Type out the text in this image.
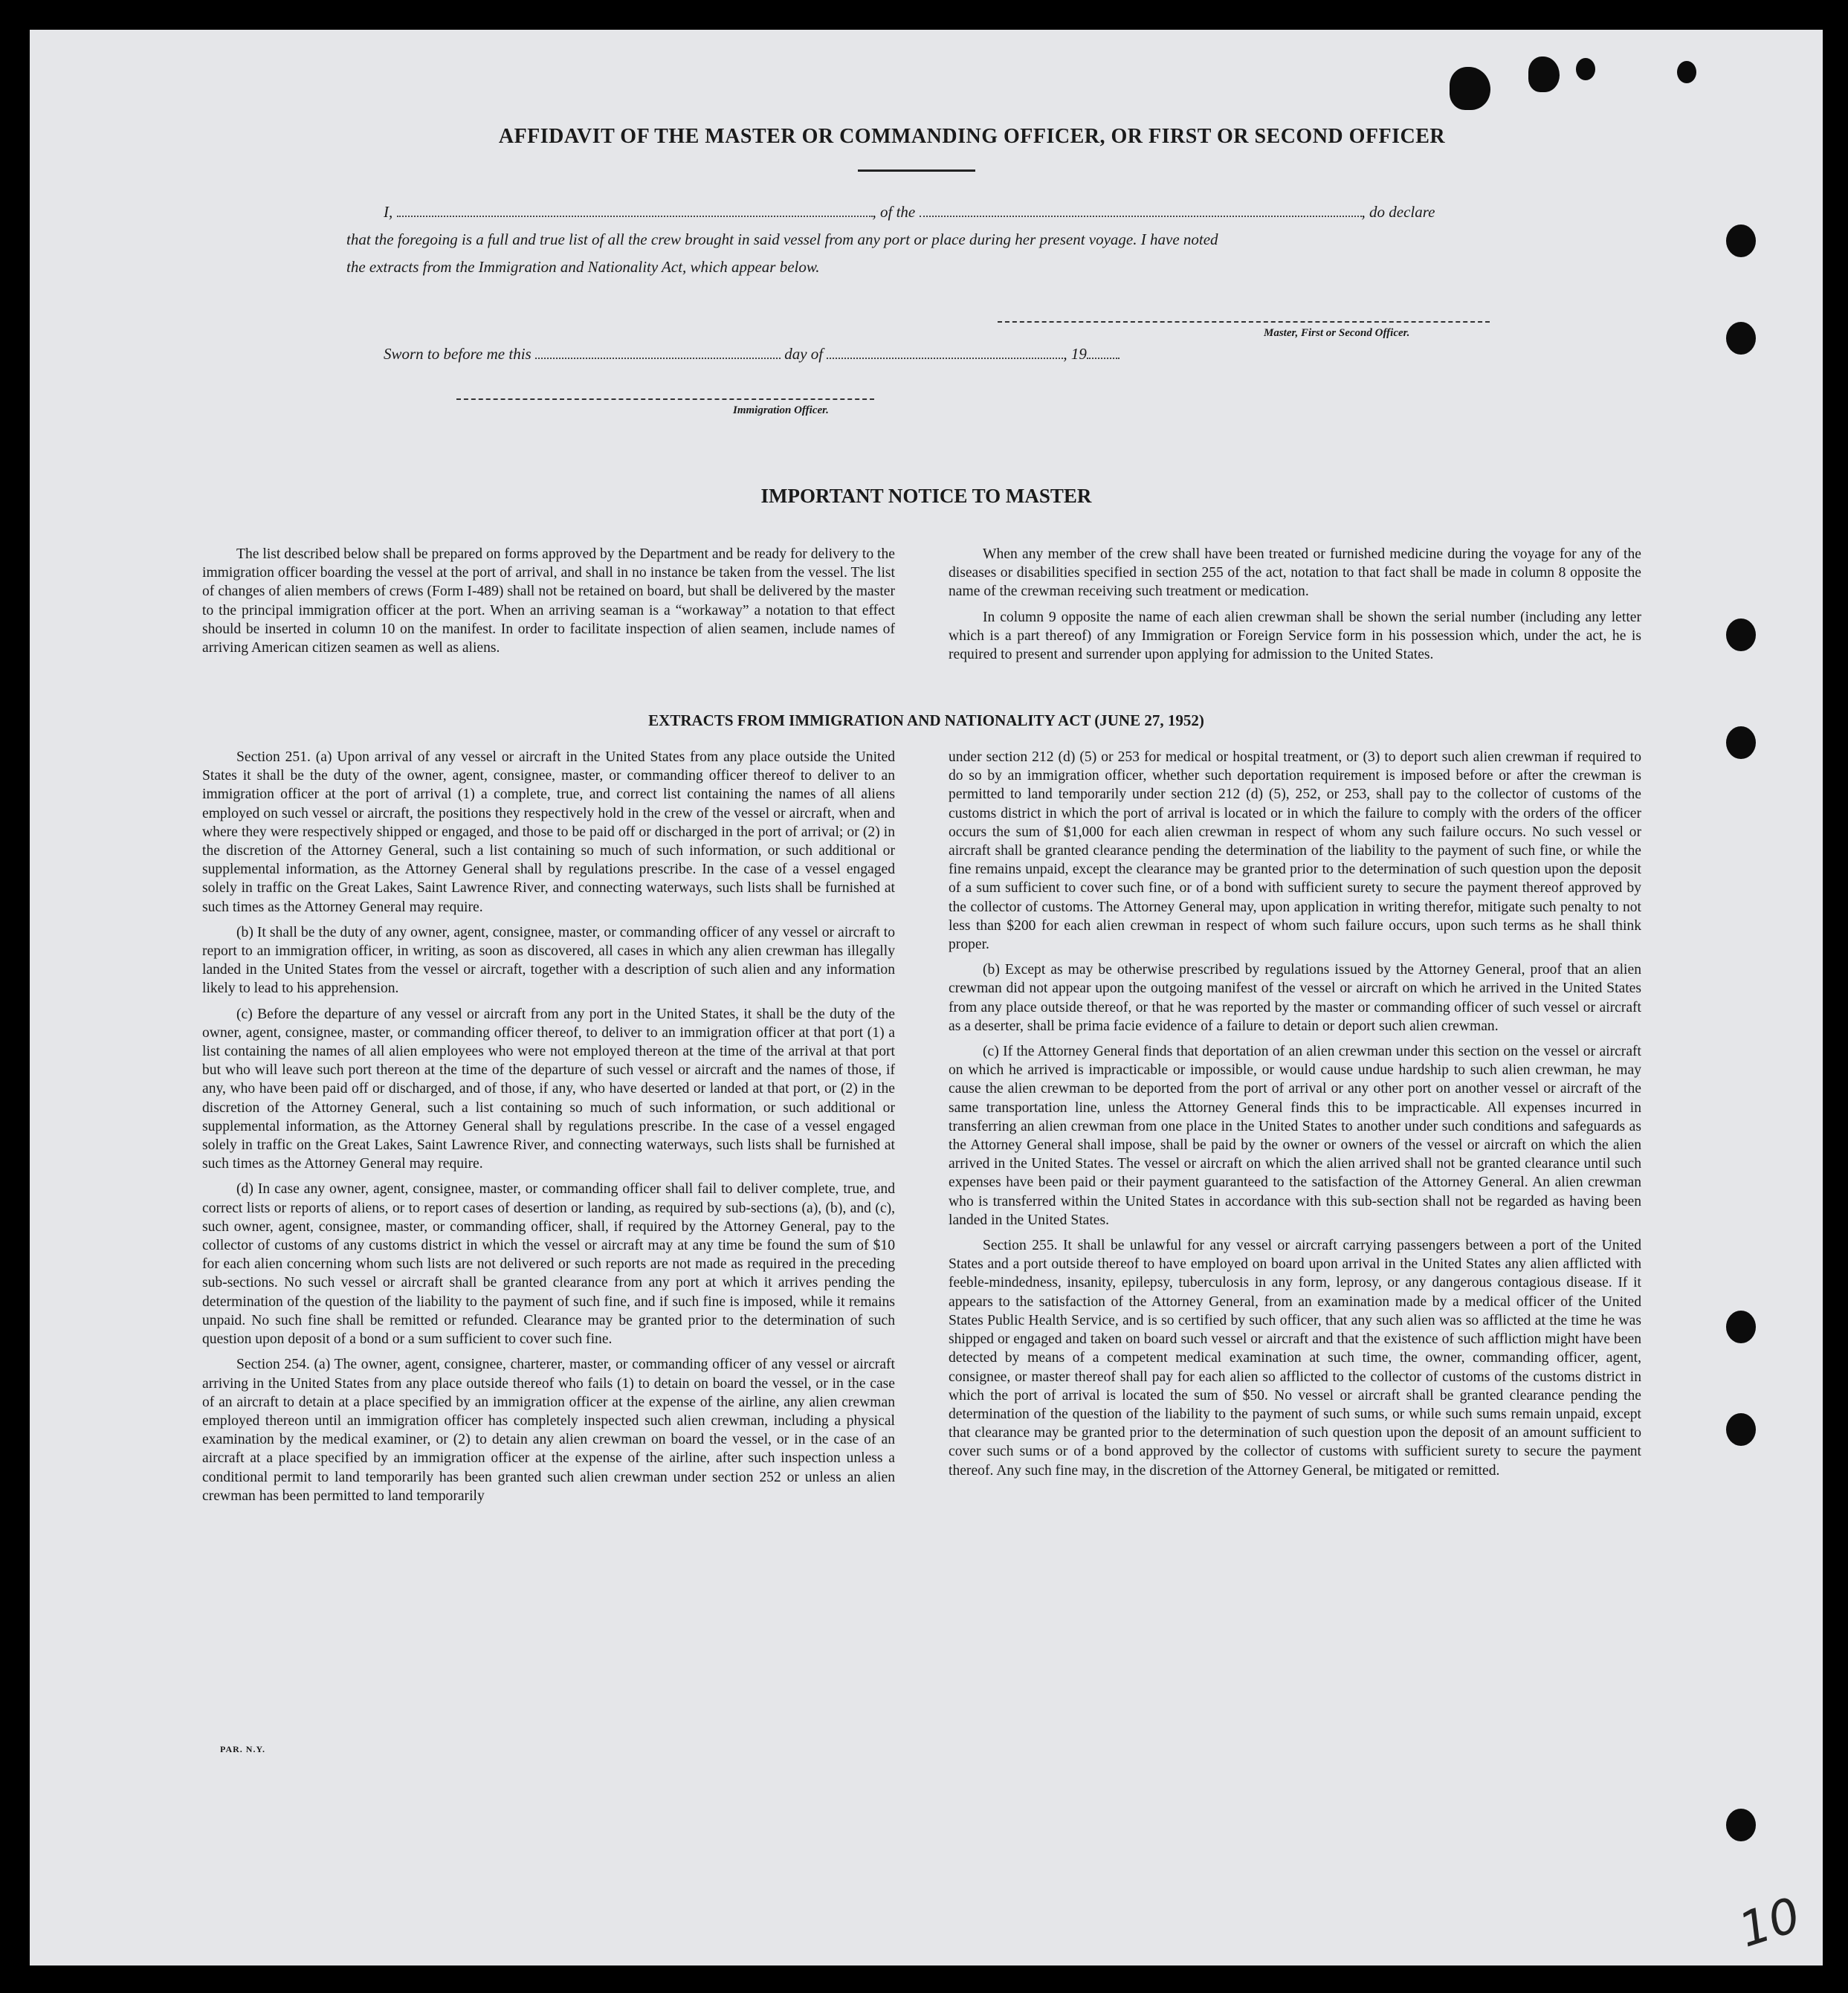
AFFIDAVIT OF THE MASTER OR COMMANDING OFFICER, OR FIRST OR SECOND OFFICER
I,	, of the	, do declare
that the foregoing is a full and true list of all the crew brought in said vessel from any port or place during her present voyage. I have noted
the extracts from the Immigration and Nationality Act, which appear below.
Master, First or Second Officer.
Sworn to before me this	day of	, 19
Immigration Officer.
IMPORTANT NOTICE TO MASTER

The list described below shall be prepared on forms approved by the Department and be ready for delivery to the immigration officer boarding the vessel at the port of arrival, and shall in no instance be taken from the vessel. The list of changes of alien members of crews (Form I-489) shall not be retained on board, but shall be delivered by the master to the principal immigration officer at the port. When an arriving seaman is a “workaway” a notation to that effect should be inserted in column 10 on the manifest. In order to facilitate inspection of alien seamen, include names of arriving American citizen seamen as well as aliens.

When any member of the crew shall have been treated or furnished medicine during the voyage for any of the diseases or disabilities specified in section 255 of the act, notation to that fact shall be made in column 8 opposite the name of the crewman receiving such treatment or medication.

In column 9 opposite the name of each alien crewman shall be shown the serial number (including any letter which is a part thereof) of any Immigration or Foreign Service form in his possession which, under the act, he is required to present and surrender upon applying for admission to the United States.

EXTRACTS FROM IMMIGRATION AND NATIONALITY ACT (JUNE 27, 1952)

Section 251. (a) Upon arrival of any vessel or aircraft in the United States from any place outside the United States it shall be the duty of the owner, agent, consignee, master, or commanding officer thereof to deliver to an immigration officer at the port of arrival (1) a complete, true, and correct list containing the names of all aliens employed on such vessel or aircraft, the positions they respectively hold in the crew of the vessel or aircraft, when and where they were respectively shipped or engaged, and those to be paid off or discharged in the port of arrival; or (2) in the discretion of the Attorney General, such a list containing so much of such information, or such additional or supplemental information, as the Attorney General shall by regulations prescribe. In the case of a vessel engaged solely in traffic on the Great Lakes, Saint Lawrence River, and connecting waterways, such lists shall be furnished at such times as the Attorney General may require.

(b) It shall be the duty of any owner, agent, consignee, master, or commanding officer of any vessel or aircraft to report to an immigration officer, in writing, as soon as discovered, all cases in which any alien crewman has illegally landed in the United States from the vessel or aircraft, together with a description of such alien and any information likely to lead to his apprehension.

(c) Before the departure of any vessel or aircraft from any port in the United States, it shall be the duty of the owner, agent, consignee, master, or commanding officer thereof, to deliver to an immigration officer at that port (1) a list containing the names of all alien employees who were not employed thereon at the time of the arrival at that port but who will leave such port thereon at the time of the departure of such vessel or aircraft and the names of those, if any, who have been paid off or discharged, and of those, if any, who have deserted or landed at that port, or (2) in the discretion of the Attorney General, such a list containing so much of such information, or such additional or supplemental information, as the Attorney General shall by regulations prescribe. In the case of a vessel engaged solely in traffic on the Great Lakes, Saint Lawrence River, and connecting waterways, such lists shall be furnished at such times as the Attorney General may require.

(d) In case any owner, agent, consignee, master, or commanding officer shall fail to deliver complete, true, and correct lists or reports of aliens, or to report cases of desertion or landing, as required by sub-sections (a), (b), and (c), such owner, agent, consignee, master, or commanding officer, shall, if required by the Attorney General, pay to the collector of customs of any customs district in which the vessel or aircraft may at any time be found the sum of $10 for each alien concerning whom such lists are not delivered or such reports are not made as required in the preceding sub-sections. No such vessel or aircraft shall be granted clearance from any port at which it arrives pending the determination of the question of the liability to the payment of such fine, and if such fine is imposed, while it remains unpaid. No such fine shall be remitted or refunded. Clearance may be granted prior to the determination of such question upon deposit of a bond or a sum sufficient to cover such fine.

Section 254. (a) The owner, agent, consignee, charterer, master, or commanding officer of any vessel or aircraft arriving in the United States from any place outside thereof who fails (1) to detain on board the vessel, or in the case of an aircraft to detain at a place specified by an immigration officer at the expense of the airline, any alien crewman employed thereon until an immigration officer has completely inspected such alien crewman, including a physical examination by the medical examiner, or (2) to detain any alien crewman on board the vessel, or in the case of an aircraft at a place specified by an immigration officer at the expense of the airline, after such inspection unless a conditional permit to land temporarily has been granted such alien crewman under section 252 or unless an alien crewman has been permitted to land temporarily

under section 212 (d) (5) or 253 for medical or hospital treatment, or (3) to deport such alien crewman if required to do so by an immigration officer, whether such deportation requirement is imposed before or after the crewman is permitted to land temporarily under section 212 (d) (5), 252, or 253, shall pay to the collector of customs of the customs district in which the port of arrival is located or in which the failure to comply with the orders of the officer occurs the sum of $1,000 for each alien crewman in respect of whom any such failure occurs. No such vessel or aircraft shall be granted clearance pending the determination of the liability to the payment of such fine, or while the fine remains unpaid, except the clearance may be granted prior to the determination of such question upon the deposit of a sum sufficient to cover such fine, or of a bond with sufficient surety to secure the payment thereof approved by the collector of customs. The Attorney General may, upon application in writing therefor, mitigate such penalty to not less than $200 for each alien crewman in respect of whom such failure occurs, upon such terms as he shall think proper.

(b) Except as may be otherwise prescribed by regulations issued by the Attorney General, proof that an alien crewman did not appear upon the outgoing manifest of the vessel or aircraft on which he arrived in the United States from any place outside thereof, or that he was reported by the master or commanding officer of such vessel or aircraft as a deserter, shall be prima facie evidence of a failure to detain or deport such alien crewman.

(c) If the Attorney General finds that deportation of an alien crewman under this section on the vessel or aircraft on which he arrived is impracticable or impossible, or would cause undue hardship to such alien crewman, he may cause the alien crewman to be deported from the port of arrival or any other port on another vessel or aircraft of the same transportation line, unless the Attorney General finds this to be impracticable. All expenses incurred in transferring an alien crewman from one place in the United States to another under such conditions and safeguards as the Attorney General shall impose, shall be paid by the owner or owners of the vessel or aircraft on which the alien arrived in the United States. The vessel or aircraft on which the alien arrived shall not be granted clearance until such expenses have been paid or their payment guaranteed to the satisfaction of the Attorney General. An alien crewman who is transferred within the United States in accordance with this sub-section shall not be regarded as having been landed in the United States.

Section 255. It shall be unlawful for any vessel or aircraft carrying passengers between a port of the United States and a port outside thereof to have employed on board upon arrival in the United States any alien afflicted with feeble-mindedness, insanity, epilepsy, tuberculosis in any form, leprosy, or any dangerous contagious disease. If it appears to the satisfaction of the Attorney General, from an examination made by a medical officer of the United States Public Health Service, and is so certified by such officer, that any such alien was so afflicted at the time he was shipped or engaged and taken on board such vessel or aircraft and that the existence of such affliction might have been detected by means of a competent medical examination at such time, the owner, commanding officer, agent, consignee, or master thereof shall pay for each alien so afflicted to the collector of customs of the customs district in which the port of arrival is located the sum of $50. No vessel or aircraft shall be granted clearance pending the determination of the question of the liability to the payment of such sums, or while such sums remain unpaid, except that clearance may be granted prior to the determination of such question upon the deposit of an amount sufficient to cover such sums or of a bond approved by the collector of customs with sufficient surety to secure the payment thereof. Any such fine may, in the discretion of the Attorney General, be mitigated or remitted.

PAR. N.Y.
10
